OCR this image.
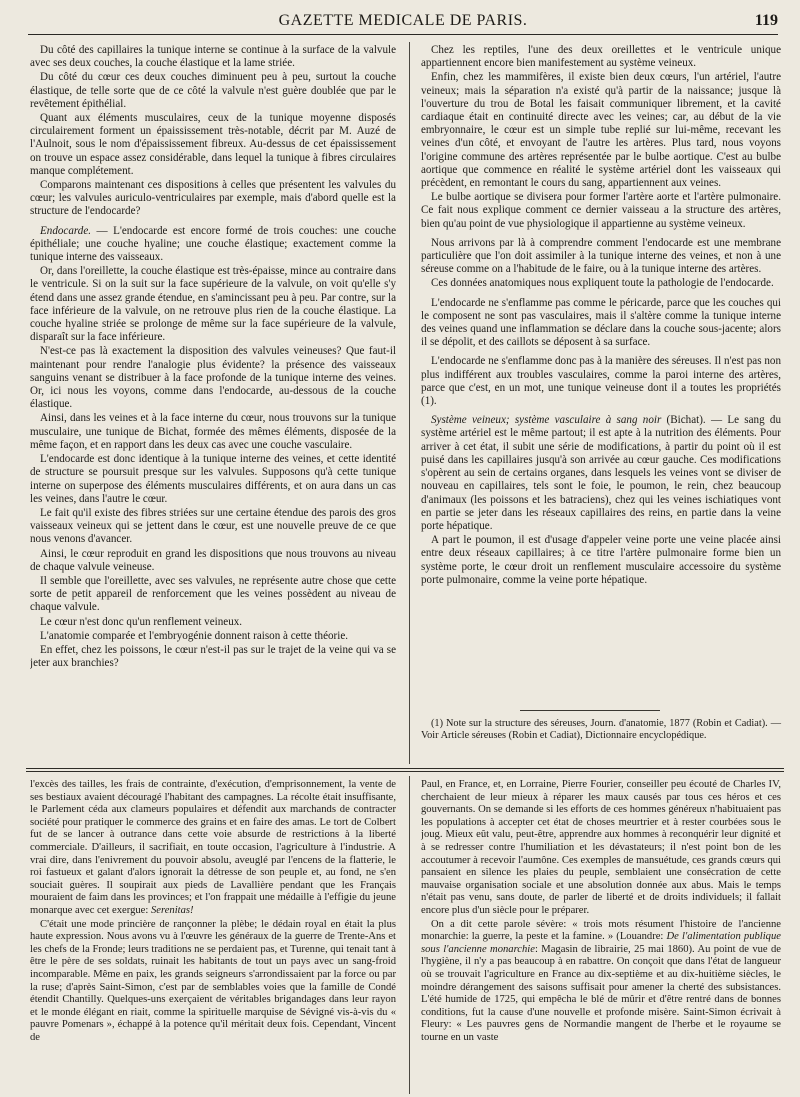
GAZETTE MEDICALE DE PARIS.	119

Du côté des capillaires la tunique interne se continue à la surface de la valvule avec ses deux couches, la couche élastique et la lame striée.

Du côté du cœur ces deux couches diminuent peu à peu, surtout la couche élastique, de telle sorte que de ce côté la valvule n'est guère doublée que par le revêtement épithélial.

Quant aux éléments musculaires, ceux de la tunique moyenne disposés circulairement forment un épaississement très-notable, décrit par M. Auzé de l'Aulnoit, sous le nom d'épaississement fibreux. Au-dessus de cet épaississement on trouve un espace assez considérable, dans lequel la tunique à fibres circulaires manque complétement.

Comparons maintenant ces dispositions à celles que présentent les valvules du cœur; les valvules auriculo-ventriculaires par exemple, mais d'abord quelle est la structure de l'endocarde?

Endocarde. — L'endocarde est encore formé de trois couches: une couche épithéliale; une couche hyaline; une couche élastique; exactement comme la tunique interne des vaisseaux.

Or, dans l'oreillette, la couche élastique est très-épaisse, mince au contraire dans le ventricule. Si on la suit sur la face supérieure de la valvule, on voit qu'elle s'y étend dans une assez grande étendue, en s'amincissant peu à peu. Par contre, sur la face inférieure de la valvule, on ne retrouve plus rien de la couche élastique. La couche hyaline striée se prolonge de même sur la face supérieure de la valvule, disparaît sur la face inférieure.

N'est-ce pas là exactement la disposition des valvules veineuses? Que faut-il maintenant pour rendre l'analogie plus évidente? la présence des vaisseaux sanguins venant se distribuer à la face profonde de la tunique interne des veines. Or, ici nous les voyons, comme dans l'endocarde, au-dessous de la couche élastique.

Ainsi, dans les veines et à la face interne du cœur, nous trouvons sur la tunique musculaire, une tunique de Bichat, formée des mêmes éléments, disposée de la même façon, et en rapport dans les deux cas avec une couche vasculaire.

L'endocarde est donc identique à la tunique interne des veines, et cette identité de structure se poursuit presque sur les valvules. Supposons qu'à cette tunique interne on superpose des éléments musculaires différents, et on aura dans un cas les veines, dans l'autre le cœur.

Le fait qu'il existe des fibres striées sur une certaine étendue des parois des gros vaisseaux veineux qui se jettent dans le cœur, est une nouvelle preuve de ce que nous venons d'avancer.

Ainsi, le cœur reproduit en grand les dispositions que nous trouvons au niveau de chaque valvule veineuse.

Il semble que l'oreillette, avec ses valvules, ne représente autre chose que cette sorte de petit appareil de renforcement que les veines possèdent au niveau de chaque valvule.

Le cœur n'est donc qu'un renflement veineux.

L'anatomie comparée et l'embryogénie donnent raison à cette théorie.

En effet, chez les poissons, le cœur n'est-il pas sur le trajet de la veine qui va se jeter aux branchies?

Chez les reptiles, l'une des deux oreillettes et le ventricule unique appartiennent encore bien manifestement au système veineux.

Enfin, chez les mammifères, il existe bien deux cœurs, l'un artériel, l'autre veineux; mais la séparation n'a existé qu'à partir de la naissance; jusque là l'ouverture du trou de Botal les faisait communiquer librement, et la cavité cardiaque était en continuité directe avec les veines; car, au début de la vie embryonnaire, le cœur est un simple tube replié sur lui-même, recevant les veines d'un côté, et envoyant de l'autre les artères. Plus tard, nous voyons l'origine commune des artères représentée par le bulbe aortique. C'est au bulbe aortique que commence en réalité le système artériel dont les vaisseaux qui précèdent, en remontant le cours du sang, appartiennent aux veines.

Le bulbe aortique se divisera pour former l'artère aorte et l'artère pulmonaire. Ce fait nous explique comment ce dernier vaisseau a la structure des artères, bien qu'au point de vue physiologique il appartienne au système veineux.

Nous arrivons par là à comprendre comment l'endocarde est une membrane particulière que l'on doit assimiler à la tunique interne des veines, et non à une séreuse comme on a l'habitude de le faire, ou à la tunique interne des artères.

Ces données anatomiques nous expliquent toute la pathologie de l'endocarde.

L'endocarde ne s'enflamme pas comme le péricarde, parce que les couches qui le composent ne sont pas vasculaires, mais il s'altère comme la tunique interne des veines quand une inflammation se déclare dans la couche sous-jacente; alors il se dépolit, et des caillots se déposent à sa surface.

L'endocarde ne s'enflamme donc pas à la manière des séreuses. Il n'est pas non plus indifférent aux troubles vasculaires, comme la paroi interne des artères, parce que c'est, en un mot, une tunique veineuse dont il a toutes les propriétés (1).

Système veineux; système vasculaire à sang noir (Bichat). — Le sang du système artériel est le même partout; il est apte à la nutrition des éléments. Pour arriver à cet état, il subit une série de modifications, à partir du point où il est puisé dans les capillaires jusqu'à son arrivée au cœur gauche. Ces modifications s'opèrent au sein de certains organes, dans lesquels les veines vont se diviser de nouveau en capillaires, tels sont le foie, le poumon, le rein, chez beaucoup d'animaux (les poissons et les batraciens), chez qui les veines ischiatiques vont en partie se jeter dans les réseaux capillaires des reins, en partie dans la veine porte hépatique.

A part le poumon, il est d'usage d'appeler veine porte une veine placée ainsi entre deux réseaux capillaires; à ce titre l'artère pulmonaire forme bien un système porte, le cœur droit un renflement musculaire accessoire du système porte pulmonaire, comme la veine porte hépatique.

(1) Note sur la structure des séreuses, Journ. d'anatomie, 1877 (Robin et Cadiat). — Voir Article séreuses (Robin et Cadiat), Dictionnaire encyclopédique.

l'excès des tailles, les frais de contrainte, d'exécution, d'emprisonnement, la vente de ses bestiaux avaient découragé l'habitant des campagnes. La récolte était insuffisante, le Parlement céda aux clameurs populaires et défendit aux marchands de contracter société pour pratiquer le commerce des grains et en faire des amas. Le tort de Colbert fut de se lancer à outrance dans cette voie absurde de restrictions à la liberté commerciale. D'ailleurs, il sacrifiait, en toute occasion, l'agriculture à l'industrie. A vrai dire, dans l'enivrement du pouvoir absolu, aveuglé par l'encens de la flatterie, le roi fastueux et galant d'alors ignorait la détresse de son peuple et, au fond, ne s'en souciait guères. Il soupirait aux pieds de Lavallière pendant que les Français mouraient de faim dans les provinces; et l'on frappait une médaille à l'effigie du jeune monarque avec cet exergue: Serenitas!

C'était une mode princière de rançonner la plèbe; le dédain royal en était la plus haute expression. Nous avons vu à l'œuvre les généraux de la guerre de Trente-Ans et les chefs de la Fronde; leurs traditions ne se perdaient pas, et Turenne, qui tenait tant à être le père de ses soldats, ruinait les habitants de tout un pays avec un sang-froid incomparable. Même en paix, les grands seigneurs s'arrondissaient par la force ou par la ruse; d'après Saint-Simon, c'est par de semblables voies que la famille de Condé étendit Chantilly. Quelques-uns exerçaient de véritables brigandages dans leur rayon et le monde élégant en riait, comme la spirituelle marquise de Sévigné vis-à-vis du « pauvre Pomenars », échappé à la potence qu'il méritait deux fois. Cependant, Vincent de

Paul, en France, et, en Lorraine, Pierre Fourier, conseiller peu écouté de Charles IV, cherchaient de leur mieux à réparer les maux causés par tous ces héros et ces gouvernants. On se demande si les efforts de ces hommes généreux n'habituaient pas les populations à accepter cet état de choses meurtrier et à rester courbées sous le joug. Mieux eût valu, peut-être, apprendre aux hommes à reconquérir leur dignité et à se redresser contre l'humiliation et les dévastateurs; il n'est point bon de les accoutumer à recevoir l'aumône. Ces exemples de mansuétude, ces grands cœurs qui pansaient en silence les plaies du peuple, semblaient une consécration de cette mauvaise organisation sociale et une absolution donnée aux abus. Mais le temps n'était pas venu, sans doute, de parler de liberté et de droits individuels; il fallait encore plus d'un siècle pour le préparer.

On a dit cette parole sévère: « trois mots résument l'histoire de l'ancienne monarchie: la guerre, la peste et la famine. » (Louandre: De l'alimentation publique sous l'ancienne monarchie: Magasin de librairie, 25 mai 1860). Au point de vue de l'hygiène, il n'y a pas beaucoup à en rabattre. On conçoit que dans l'état de langueur où se trouvait l'agriculture en France au dix-septième et au dix-huitième siècles, le moindre dérangement des saisons suffisait pour amener la cherté des subsistances. L'été humide de 1725, qui empêcha le blé de mûrir et d'être rentré dans de bonnes conditions, fut la cause d'une nouvelle et profonde misère. Saint-Simon écrivait à Fleury: « Les pauvres gens de Normandie mangent de l'herbe et le royaume se tourne en un vaste
